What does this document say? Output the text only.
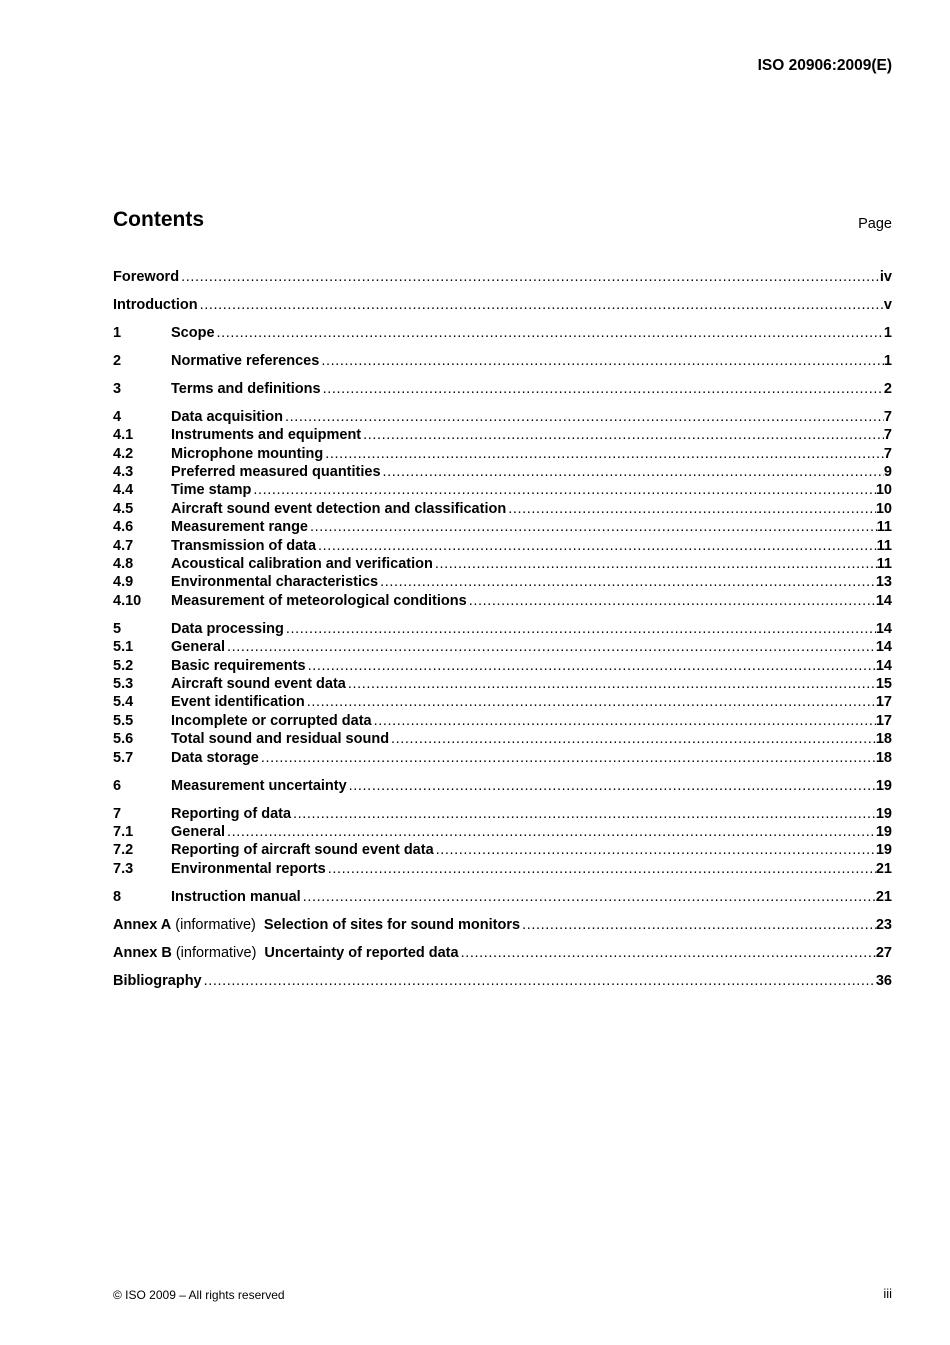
ISO 20906:2009(E)

Contents	Page
Foreword .....	iv
Introduction .....	v
1	Scope .....	1
2	Normative references .....	1
3	Terms and definitions .....	2
4	Data acquisition .....	7
4.1	Instruments and equipment .....	7
4.2	Microphone mounting .....	7
4.3	Preferred measured quantities .....	9
4.4	Time stamp .....	10
4.5	Aircraft sound event detection and classification .....	10
4.6	Measurement range .....	11
4.7	Transmission of data .....	11
4.8	Acoustical calibration and verification .....	11
4.9	Environmental characteristics .....	13
4.10	Measurement of meteorological conditions .....	14
5	Data processing .....	14
5.1	General .....	14
5.2	Basic requirements .....	14
5.3	Aircraft sound event data .....	15
5.4	Event identification .....	17
5.5	Incomplete or corrupted data .....	17
5.6	Total sound and residual sound .....	18
5.7	Data storage .....	18
6	Measurement uncertainty .....	19
7	Reporting of data .....	19
7.1	General .....	19
7.2	Reporting of aircraft sound event data .....	19
7.3	Environmental reports .....	21
8	Instruction manual .....	21
Annex A (informative) Selection of sites for sound monitors .....	23
Annex B (informative) Uncertainty of reported data .....	27
Bibliography .....	36
© ISO 2009 – All rights reserved	iii
